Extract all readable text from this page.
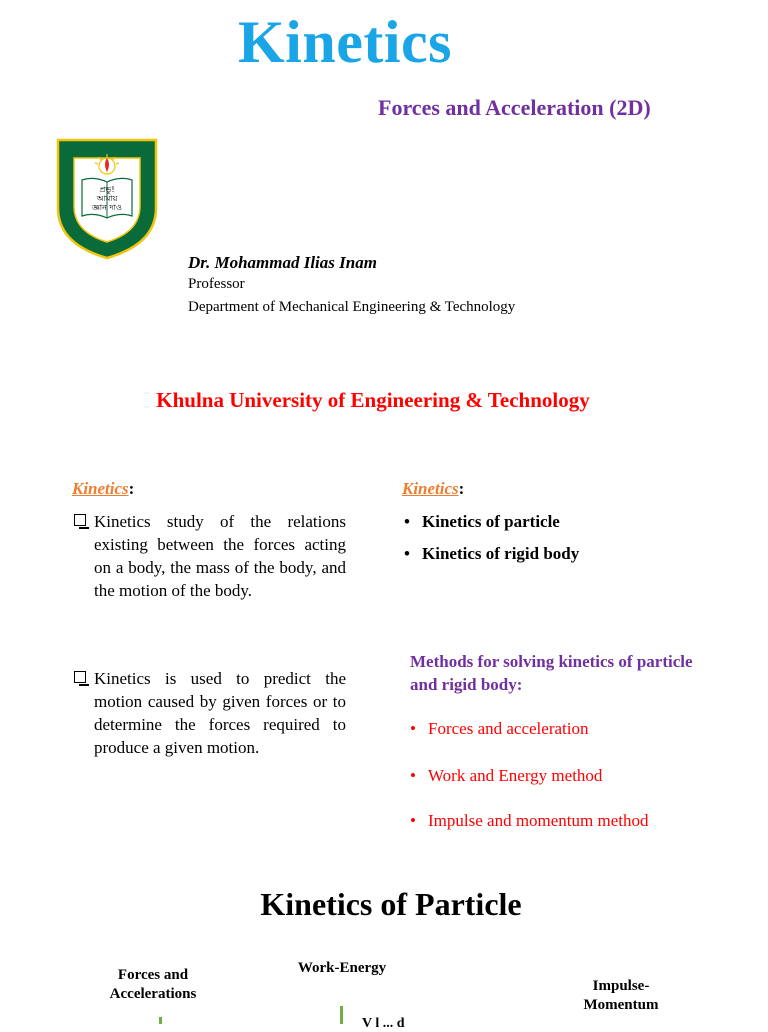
Kinetics
Forces and Acceleration (2D)
প্রভু!
আমায়
জ্ঞান দাও
Dr. Mohammad Ilias Inam
Professor
Department of Mechanical Engineering & Technology
Khulna University of Engineering & Technology
Kinetics:
Kinetics study of the relations existing between the forces acting on a body, the mass of the body, and the motion of the body.
Kinetics is used to predict the motion caused by given forces or to determine the forces required to produce a given motion.
Kinetics:
• Kinetics of particle
• Kinetics of rigid body
Methods for solving kinetics of particle and rigid body:
• Forces and acceleration
• Work and Energy method
• Impulse and momentum method
Kinetics of Particle
Forces and
Accelerations
Work-Energy
Impulse-
Momentum
V l ... d
